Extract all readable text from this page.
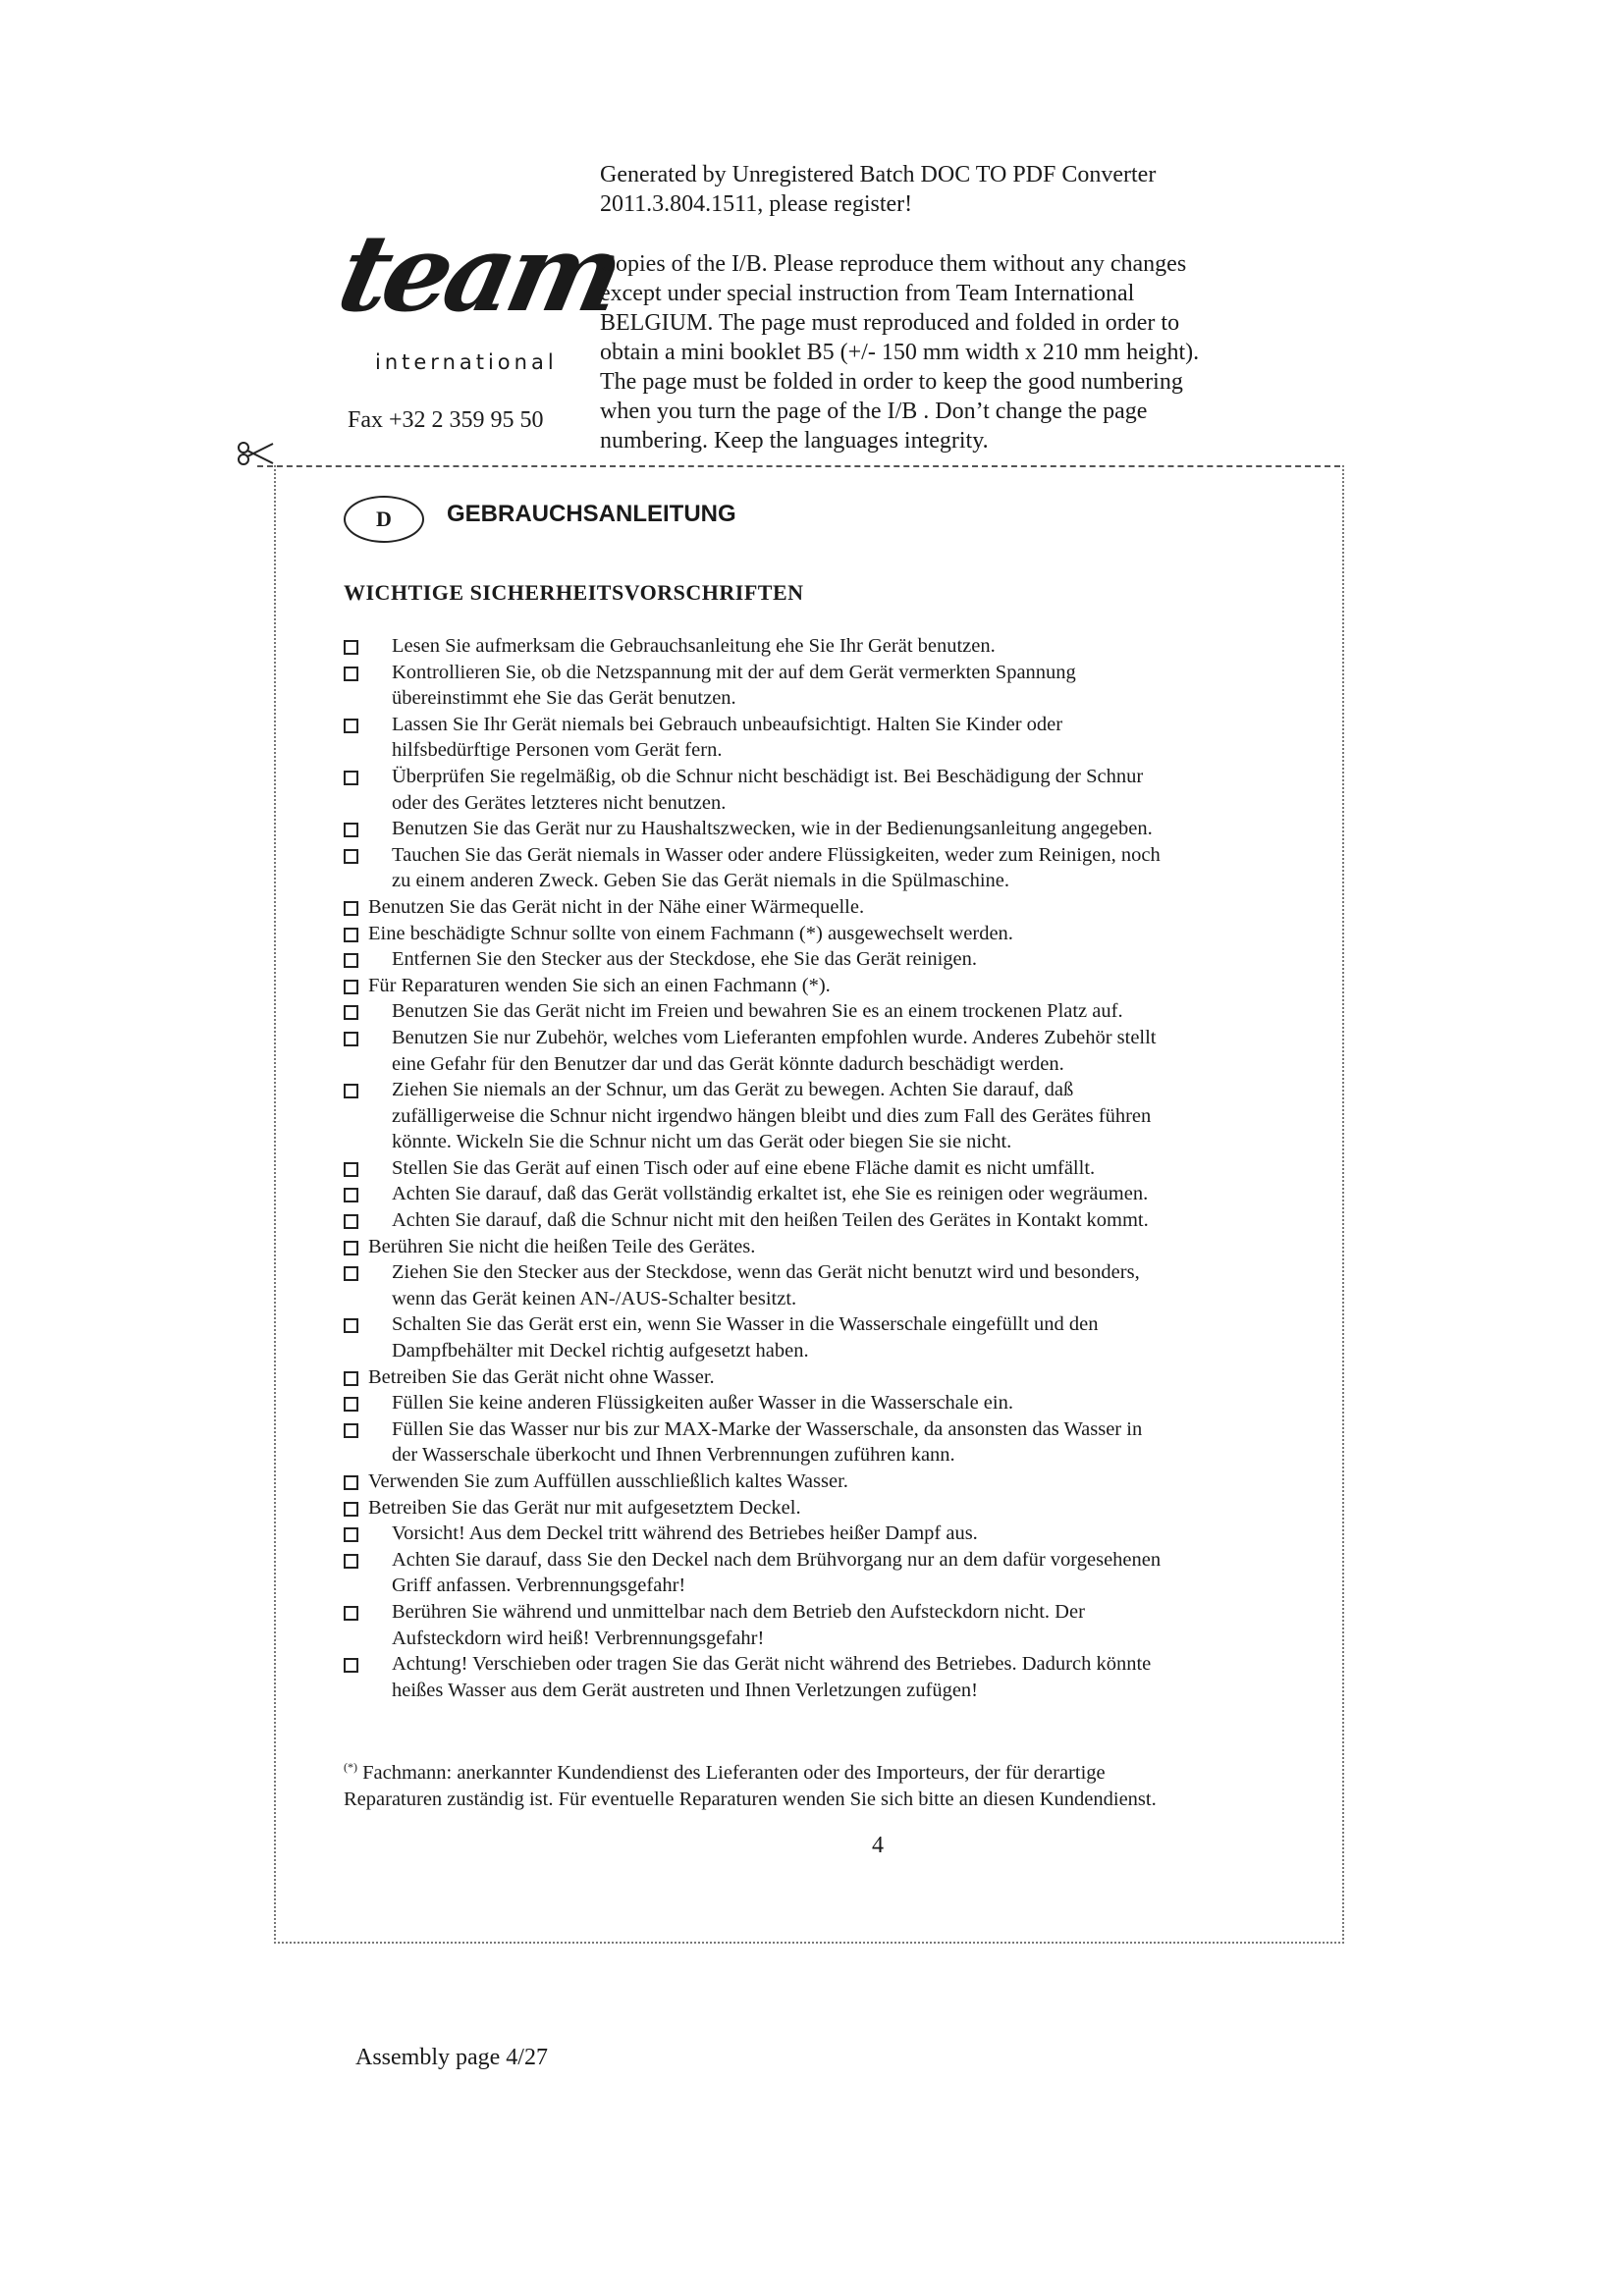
team
international
Fax +32 2 359 95 50
Generated by Unregistered Batch DOC TO PDF Converter
2011.3.804.1511, please register!
Copies of the I/B. Please reproduce them without any changes
except under special instruction from Team International
BELGIUM. The page must reproduced and folded in order to
obtain a mini booklet B5 (+/- 150 mm width x 210 mm height).
The page must be folded in order to keep the good numbering
when you turn the page of the I/B . Don’t change the page
numbering. Keep the languages integrity.
D	GEBRAUCHSANLEITUNG
WICHTIGE SICHERHEITSVORSCHRIFTEN
Lesen Sie aufmerksam die Gebrauchsanleitung ehe Sie Ihr Gerät benutzen.
Kontrollieren Sie, ob die Netzspannung mit der auf dem Gerät vermerkten Spannung
übereinstimmt ehe Sie das Gerät benutzen.
Lassen Sie Ihr Gerät niemals bei Gebrauch unbeaufsichtigt. Halten Sie Kinder oder
hilfsbedürftige Personen vom Gerät fern.
Überprüfen Sie regelmäßig, ob die Schnur nicht beschädigt ist. Bei Beschädigung der Schnur
oder des Gerätes letzteres nicht benutzen.
Benutzen Sie das Gerät nur zu Haushaltszwecken, wie in der Bedienungsanleitung angegeben.
Tauchen Sie das Gerät niemals in Wasser oder andere Flüssigkeiten, weder zum Reinigen, noch
zu einem anderen Zweck. Geben Sie das Gerät niemals in die Spülmaschine.
Benutzen Sie das Gerät nicht in der Nähe einer Wärmequelle.
Eine beschädigte Schnur sollte von einem Fachmann (*) ausgewechselt werden.
Entfernen Sie den Stecker aus der Steckdose, ehe Sie das Gerät reinigen.
Für Reparaturen wenden Sie sich an einen Fachmann (*).
Benutzen Sie das Gerät nicht im Freien und bewahren Sie es an einem trockenen Platz auf.
Benutzen Sie nur Zubehör, welches vom Lieferanten empfohlen wurde. Anderes Zubehör stellt
eine Gefahr für den Benutzer dar und das Gerät könnte dadurch beschädigt werden.
Ziehen Sie niemals an der Schnur, um das Gerät zu bewegen. Achten Sie darauf, daß
zufälligerweise die Schnur nicht irgendwo hängen bleibt und dies zum Fall des Gerätes führen
könnte. Wickeln Sie die Schnur nicht um das Gerät oder biegen Sie sie nicht.
Stellen Sie das Gerät auf einen Tisch oder auf eine ebene Fläche damit es nicht umfällt.
Achten Sie darauf, daß das Gerät vollständig erkaltet ist, ehe Sie es reinigen oder wegräumen.
Achten Sie darauf, daß die Schnur nicht mit den heißen Teilen des Gerätes in Kontakt kommt.
Berühren Sie nicht die heißen Teile des Gerätes.
Ziehen Sie den Stecker aus der Steckdose, wenn das Gerät nicht benutzt wird und besonders,
wenn das Gerät keinen AN-/AUS-Schalter besitzt.
Schalten Sie das Gerät erst ein, wenn Sie Wasser in die Wasserschale eingefüllt und den
Dampfbehälter mit Deckel richtig aufgesetzt haben.
Betreiben Sie das Gerät nicht ohne Wasser.
Füllen Sie keine anderen Flüssigkeiten außer Wasser in die Wasserschale ein.
Füllen Sie das Wasser nur bis zur MAX-Marke der Wasserschale, da ansonsten das Wasser in
der Wasserschale überkocht und Ihnen Verbrennungen zuführen kann.
Verwenden Sie zum Auffüllen ausschließlich kaltes Wasser.
Betreiben Sie das Gerät nur mit aufgesetztem Deckel.
Vorsicht! Aus dem Deckel tritt während des Betriebes heißer Dampf aus.
Achten Sie darauf, dass Sie den Deckel nach dem Brühvorgang nur an dem dafür vorgesehenen
Griff anfassen. Verbrennungsgefahr!
Berühren Sie während und unmittelbar nach dem Betrieb den Aufsteckdorn nicht. Der
Aufsteckdorn wird heiß! Verbrennungsgefahr!
Achtung! Verschieben oder tragen Sie das Gerät nicht während des Betriebes. Dadurch könnte
heißes Wasser aus dem Gerät austreten und Ihnen Verletzungen zufügen!
(*) Fachmann: anerkannter Kundendienst des Lieferanten oder des Importeurs, der für derartige
Reparaturen zuständig ist. Für eventuelle Reparaturen wenden Sie sich bitte an diesen Kundendienst.
4
Assembly page 4/27
